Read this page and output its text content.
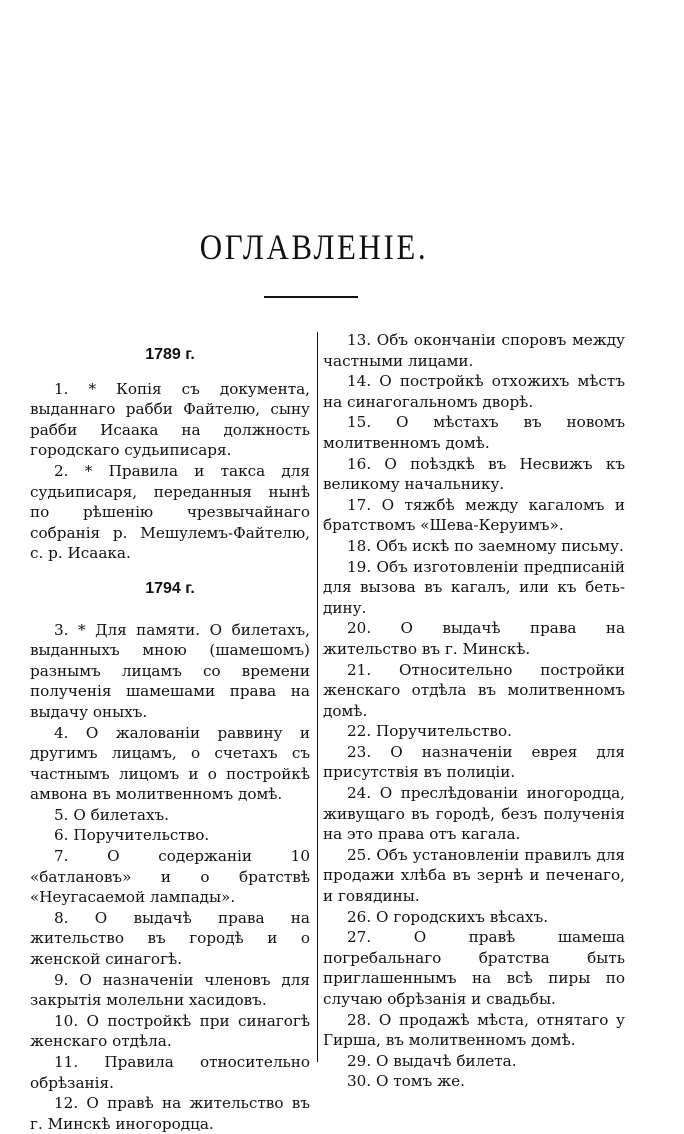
ОГЛАВЛЕНIЕ.
1789 г.

1. * Копія съ документа, выданнаго рабби Файтелю, сыну рабби Исаака на должность городскаго судьиписаря.

2. * Правила и такса для судьиписаря, переданныя нынѣ по рѣшенію чрезвычайнаго собранія р. Мешулемъ-Файтелю, с. р. Исаака.

1794 г.

3. * Для памяти. О билетахъ, выданныхъ мною (шамешомъ) разнымъ лицамъ со времени полученія шамешами права на выдачу оныхъ.

4. О жалованіи раввину и другимъ лицамъ, о счетахъ съ частнымъ лицомъ и о постройкѣ амвона въ молитвенномъ домѣ.

5. О билетахъ.

6. Поручительство.

7. О содержаніи 10 «батлановъ» и о братствѣ «Неугасаемой лампады».

8. О выдачѣ права на жительство въ городѣ и о женской синагогѣ.

9. О назначеніи членовъ для закрытія молельни хасидовъ.

10. О постройкѣ при синагогѣ женскаго отдѣла.

11. Правила относительно обрѣзанія.

12. О правѣ на жительство въ г. Минскѣ иногородца.

13. Объ окончаніи споровъ между частными лицами.

14. О постройкѣ отхожихъ мѣстъ на синагогальномъ дворѣ.

15. О мѣстахъ въ новомъ молитвенномъ домѣ.

16. О поѣздкѣ въ Несвижъ къ великому начальнику.

17. О тяжбѣ между кагаломъ и братствомъ «Шева-Керуимъ».

18. Объ искѣ по заемному письму.

19. Объ изготовленіи предписаній для вызова въ кагалъ, или къ беть-дину.

20. О выдачѣ права на жительство въ г. Минскѣ.

21. Относительно постройки женскаго отдѣла въ молитвенномъ домѣ.

22. Поручительство.

23. О назначеніи еврея для присутствія въ полиціи.

24. О преслѣдованіи иногородца, живущаго въ городѣ, безъ полученія на это права отъ кагала.

25. Объ установленіи правилъ для продажи хлѣба въ зернѣ и печенаго, и говядины.

26. О городскихъ вѣсахъ.

27. О правѣ шамеша погребальнаго братства быть приглашеннымъ на всѣ пиры по случаю обрѣзанія и свадьбы.

28. О продажѣ мѣста, отнятаго у Гирша, въ молитвенномъ домѣ.

29. О выдачѣ билета.

30. О томъ же.
